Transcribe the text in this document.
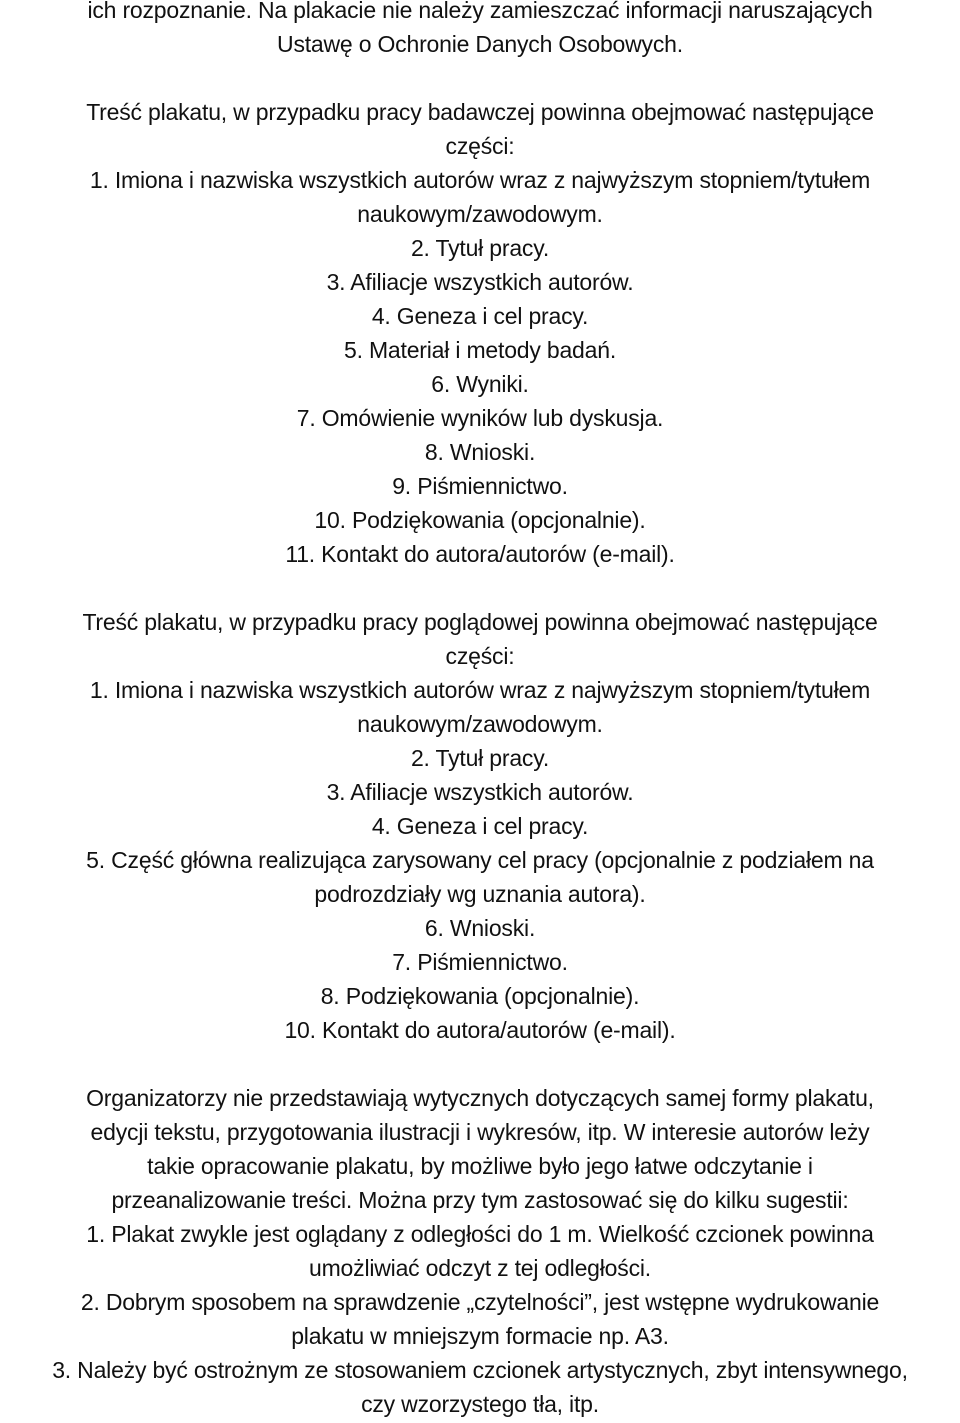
ich rozpoznanie. Na plakacie nie należy zamieszczać informacji naruszających
Ustawę o Ochronie Danych Osobowych.
Treść plakatu, w przypadku pracy badawczej powinna obejmować następujące
części:
1. Imiona i nazwiska wszystkich autorów wraz z najwyższym stopniem/tytułem
naukowym/zawodowym.
2. Tytuł pracy.
3. Afiliacje wszystkich autorów.
4. Geneza i cel pracy.
5. Materiał i metody badań.
6. Wyniki.
7. Omówienie wyników lub dyskusja.
8. Wnioski.
9. Piśmiennictwo.
10. Podziękowania (opcjonalnie).
11. Kontakt do autora/autorów (e-mail).
Treść plakatu, w przypadku pracy poglądowej powinna obejmować następujące
części:
1. Imiona i nazwiska wszystkich autorów wraz z najwyższym stopniem/tytułem
naukowym/zawodowym.
2. Tytuł pracy.
3. Afiliacje wszystkich autorów.
4. Geneza i cel pracy.
5. Część główna realizująca zarysowany cel pracy (opcjonalnie z podziałem na
podrozdziały wg uznania autora).
6. Wnioski.
7. Piśmiennictwo.
8. Podziękowania (opcjonalnie).
10. Kontakt do autora/autorów (e-mail).
Organizatorzy nie przedstawiają wytycznych dotyczących samej formy plakatu,
edycji tekstu, przygotowania ilustracji i wykresów, itp. W interesie autorów leży
takie opracowanie plakatu, by możliwe było jego łatwe odczytanie i
przeanalizowanie treści. Można przy tym zastosować się do kilku sugestii:
1. Plakat zwykle jest oglądany z odległości do 1 m. Wielkość czcionek powinna
umożliwiać odczyt z tej odległości.
2. Dobrym sposobem na sprawdzenie „czytelności”, jest wstępne wydrukowanie
plakatu w mniejszym formacie np. A3.
3. Należy być ostrożnym ze stosowaniem czcionek artystycznych, zbyt intensywnego,
czy wzorzystego tła, itp.
